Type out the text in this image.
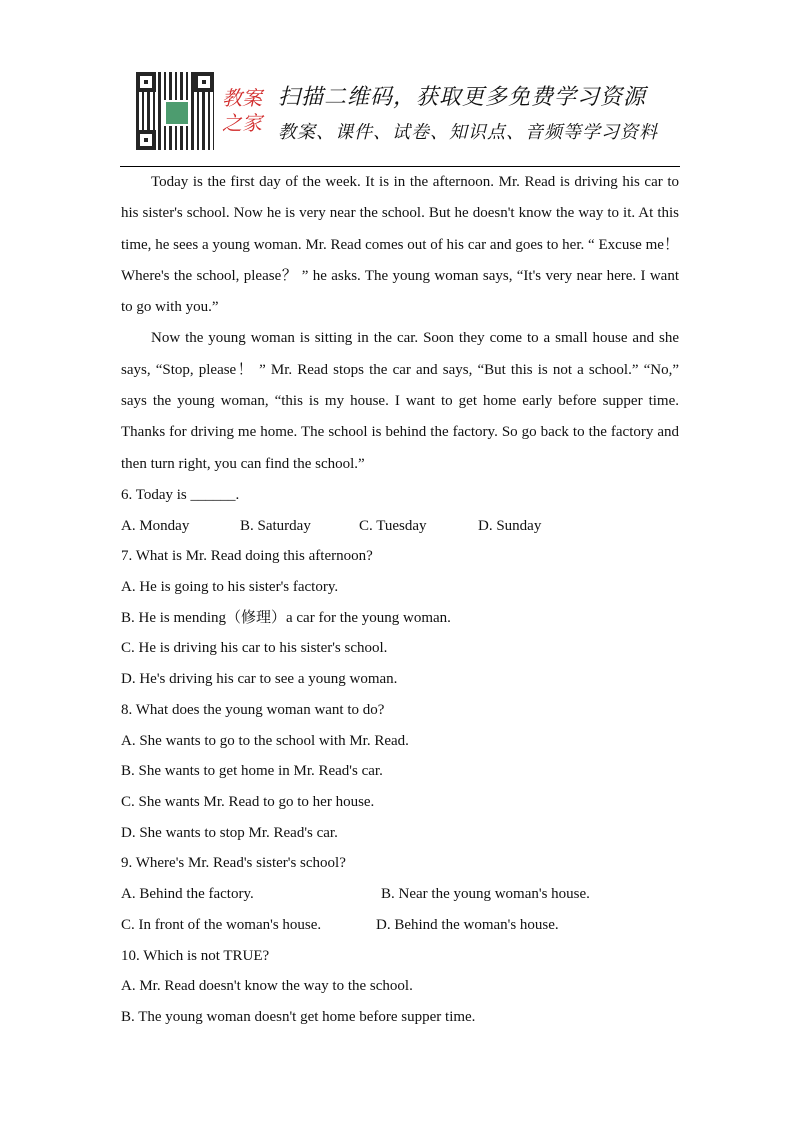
教案之家
扫描二维码，获取更多免费学习资源
教案、课件、试卷、知识点、音频等学习资料

Today is the first day of the week. It is in the afternoon. Mr. Read is driving his car to his sister's school. Now he is very near the school. But he doesn't know the way to it. At this time, he sees a young woman. Mr. Read comes out of his car and goes to her. “ Excuse me！ Where's the school, please？ ” he asks. The young woman says, “It's very near here. I want to go with you.”

Now the young woman is sitting in the car. Soon they come to a small house and she says, “Stop, please！ ” Mr. Read stops the car and says, “But this is not a school.” “No,” says the young woman, “this is my house. I want to get home early before supper time. Thanks for driving me home. The school is behind the factory. So go back to the factory and then turn right, you can find the school.”

6. Today is ______.

A. Monday	B. Saturday	C. Tuesday	D. Sunday

7. What is Mr. Read doing this afternoon?

A. He is going to his sister's factory.

B. He is mending（修理）a car for the young woman.

C. He is driving his car to his sister's school.

D. He's driving his car to see a young woman.

8. What does the young woman want to do?

A. She wants to go to the school with Mr. Read.

B. She wants to get home in Mr. Read's car.

C. She wants Mr. Read to go to her house.

D. She wants to stop Mr. Read's car.

9. Where's Mr. Read's sister's school?

A. Behind the factory.	B. Near the young woman's house.
C. In front of the woman's house.	D. Behind the woman's house.

10. Which is not TRUE?

A. Mr. Read doesn't know the way to the school.

B. The young woman doesn't get home before supper time.
